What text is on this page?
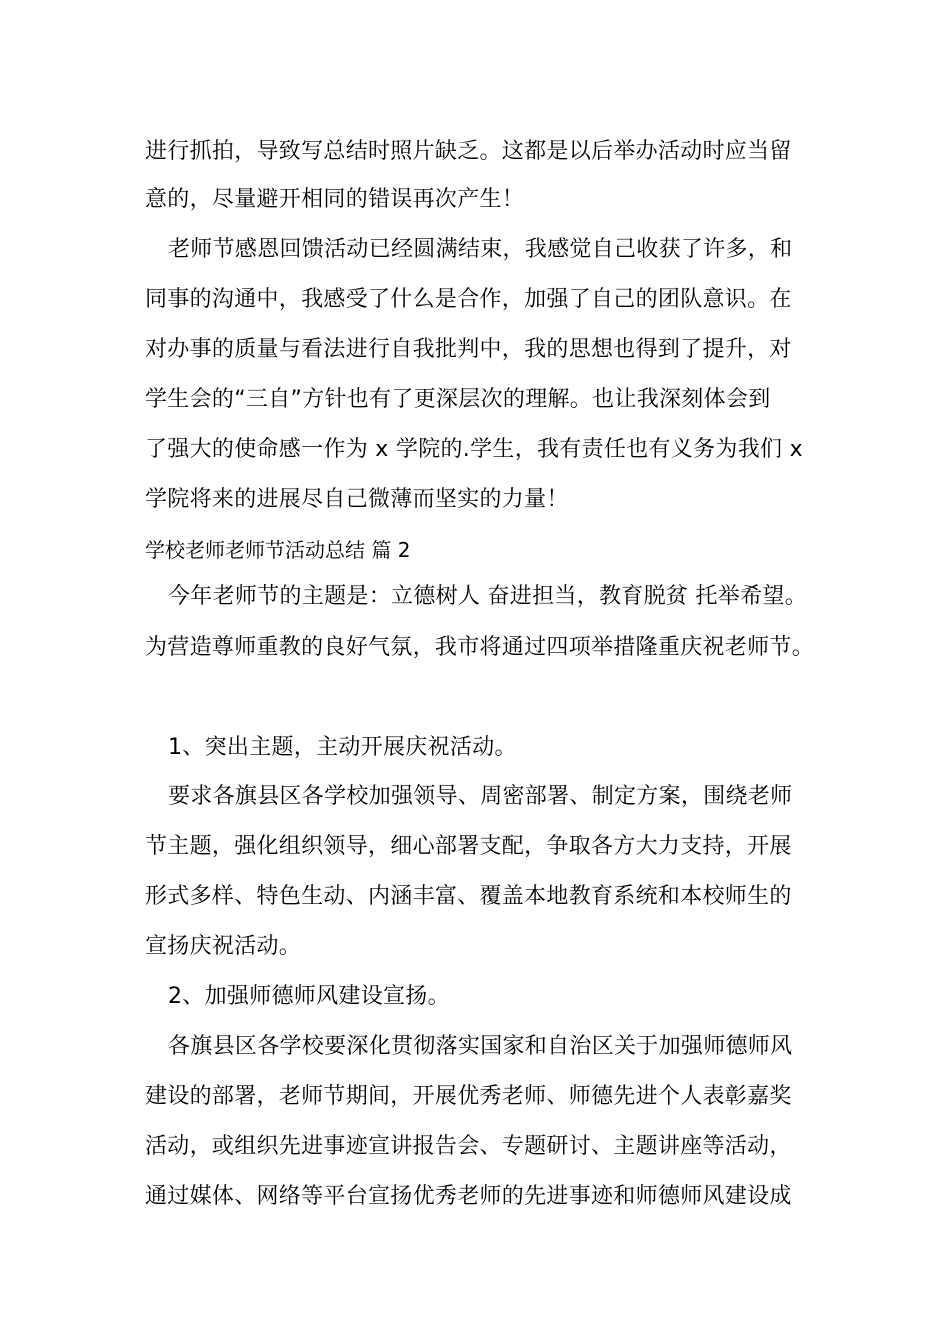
进行抓拍，导致写总结时照片缺乏。这都是以后举办活动时应当留
意的，尽量避开相同的错误再次产生！
老师节感恩回馈活动已经圆满结束，我感觉自己收获了许多，和
同事的沟通中，我感受了什么是合作，加强了自己的团队意识。在
对办事的质量与看法进行自我批判中，我的思想也得到了提升，对
学生会的“三自”方针也有了更深层次的理解。也让我深刻体会到
了强大的使命感一作为 x 学院的.学生，我有责任也有义务为我们 x
学院将来的进展尽自己微薄而坚实的力量！
学校老师老师节活动总结 篇 2
今年老师节的主题是：立德树人 奋进担当，教育脱贫 托举希望。
为营造尊师重教的良好气氛，我市将通过四项举措隆重庆祝老师节。
1、突出主题，主动开展庆祝活动。
要求各旗县区各学校加强领导、周密部署、制定方案，围绕老师
节主题，强化组织领导，细心部署支配，争取各方大力支持，开展
形式多样、特色生动、内涵丰富、覆盖本地教育系统和本校师生的
宣扬庆祝活动。
2、加强师德师风建设宣扬。
各旗县区各学校要深化贯彻落实国家和自治区关于加强师德师风
建设的部署，老师节期间，开展优秀老师、师德先进个人表彰嘉奖
活动，或组织先进事迹宣讲报告会、专题研讨、主题讲座等活动，
通过媒体、网络等平台宣扬优秀老师的先进事迹和师德师风建设成
